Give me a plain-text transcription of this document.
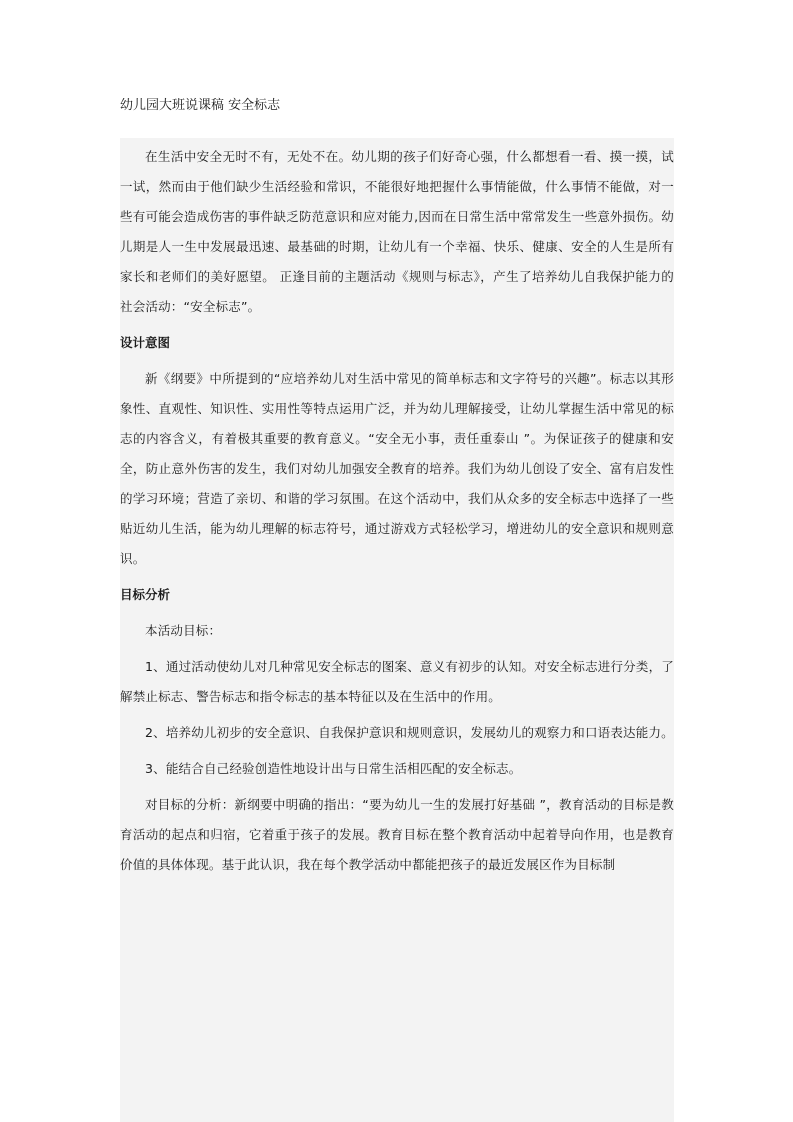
幼儿园大班说课稿 安全标志

在生活中安全无时不有，无处不在。幼儿期的孩子们好奇心强，什么都想看一看、摸一摸，试一试，然而由于他们缺少生活经验和常识，不能很好地把握什么事情能做，什么事情不能做，对一些有可能会造成伤害的事件缺乏防范意识和应对能力,因而在日常生活中常常发生一些意外损伤。幼儿期是人一生中发展最迅速、最基础的时期，让幼儿有一个幸福、快乐、健康、安全的人生是所有家长和老师们的美好愿望。 正逢目前的主题活动《规则与标志》，产生了培养幼儿自我保护能力的社会活动：“安全标志”。

设计意图

新《纲要》中所提到的“应培养幼儿对生活中常见的简单标志和文字符号的兴趣”。标志以其形象性、直观性、知识性、实用性等特点运用广泛，并为幼儿理解接受，让幼儿掌握生活中常见的标志的内容含义，有着极其重要的教育意义。“安全无小事，责任重泰山 ”。为保证孩子的健康和安全，防止意外伤害的发生，我们对幼儿加强安全教育的培养。我们为幼儿创设了安全、富有启发性的学习环境；营造了亲切、和谐的学习氛围。在这个活动中，我们从众多的安全标志中选择了一些贴近幼儿生活，能为幼儿理解的标志符号，通过游戏方式轻松学习，增进幼儿的安全意识和规则意识。

目标分析

本活动目标：

1、通过活动使幼儿对几种常见安全标志的图案、意义有初步的认知。对安全标志进行分类，了解禁止标志、警告标志和指令标志的基本特征以及在生活中的作用。

2、培养幼儿初步的安全意识、自我保护意识和规则意识，发展幼儿的观察力和口语表达能力。

3、能结合自己经验创造性地设计出与日常生活相匹配的安全标志。

对目标的分析：新纲要中明确的指出：“要为幼儿一生的发展打好基础 ”，教育活动的目标是教育活动的起点和归宿，它着重于孩子的发展。教育目标在整个教育活动中起着导向作用，也是教育价值的具体体现。基于此认识，我在每个教学活动中都能把孩子的最近发展区作为目标制
